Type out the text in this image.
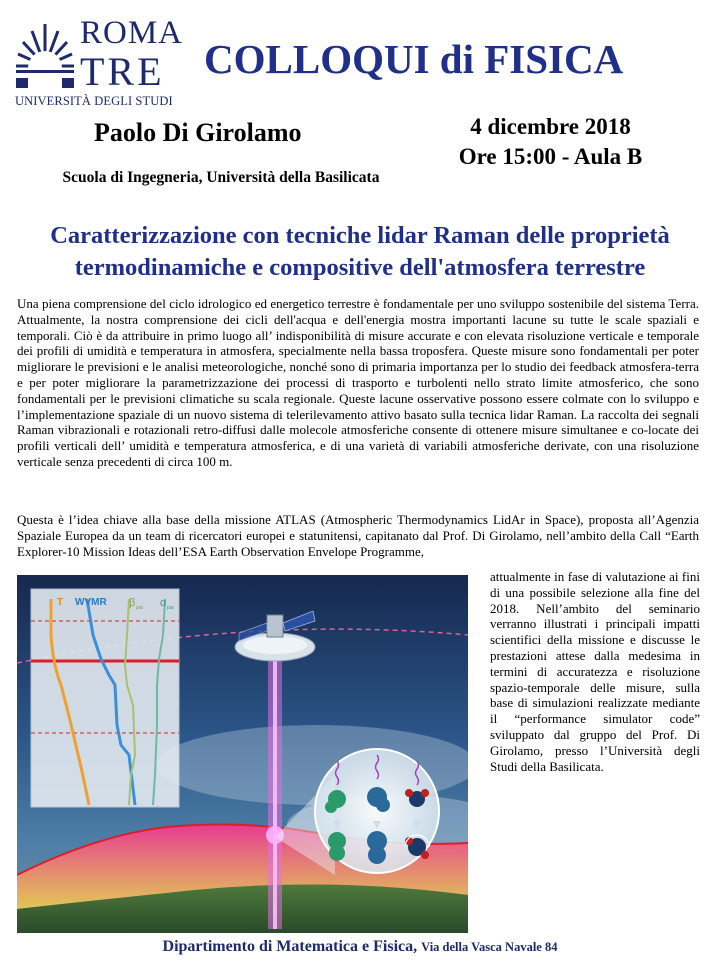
ROMA
TRE
UNIVERSITÀ DEGLI STUDI
COLLOQUI di FISICA
Paolo Di Girolamo
Scuola di Ingegneria, Università della Basilicata
4 dicembre 2018
Ore 15:00 - Aula B
Caratterizzazione con tecniche lidar Raman delle proprietà termodinamiche e compositive dell'atmosfera terrestre
Una piena comprensione del ciclo idrologico ed energetico terrestre è fondamentale per uno sviluppo sostenibile del sistema Terra. Attualmente, la nostra comprensione dei cicli dell'acqua e dell'energia mostra importanti lacune su tutte le scale spaziali e temporali. Ciò è da attribuire in primo luogo all’ indisponibilità di misure accurate e con elevata risoluzione verticale e temporale dei profili di umidità e temperatura in atmosfera, specialmente nella bassa troposfera. Queste misure sono fondamentali per poter migliorare le previsioni e le analisi meteorologiche, nonché sono di primaria importanza per lo studio dei feedback atmosfera-terra e per poter migliorare la parametrizzazione dei processi di trasporto e turbolenti nello strato limite atmosferico, che sono fondamentali per le previsioni climatiche su scala regionale. Queste lacune osservative possono essere colmate con lo sviluppo e l’implementazione spaziale di un nuovo sistema di telerilevamento attivo basato sulla tecnica lidar Raman. La raccolta dei segnali Raman vibrazionali e rotazionali retro-diffusi dalle molecole atmosferiche consente di ottenere misure simultanee e co-locate dei profili verticali dell’ umidità e temperatura atmosferica, e di una varietà di variabili atmosferiche derivate, con una risoluzione verticale senza precedenti di circa 100 m.
Questa è l’idea chiave alla base della missione ATLAS (Atmospheric Thermodynamics LidAr in Space), proposta all’Agenzia Spaziale Europea da un team di ricercatori europei e statunitensi, capitanato dal Prof. Di Girolamo, nell’ambito della Call “Earth Explorer-10 Mission Ideas dell’ESA Earth Observation Envelope Programme,
T WVMR β par α par
attualmente in fase di valutazione ai fini di una possibile selezione alla fine del 2018. Nell’ambito del seminario verranno illustrati i principali impatti scientifici della missione e discusse le prestazioni attese dalla medesima in termini di accuratezza e risoluzione spazio-temporale delle misure, sulla base di simulazioni realizzate mediante il “performance simulator code” sviluppato dal gruppo del Prof. Di Girolamo, presso l’Università degli Studi della Basilicata.
Dipartimento di Matematica e Fisica, Via della Vasca Navale 84
